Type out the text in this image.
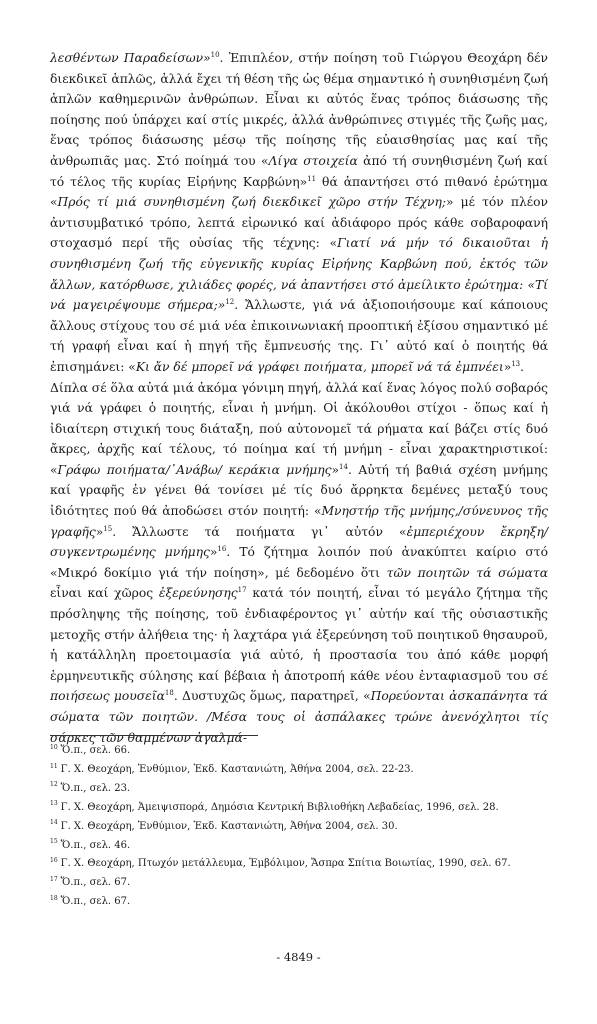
λεσθέντων Παραδείσων»$^{10}$. Ἐπιπλέον, στήν ποίηση τοῦ Γιώργου Θεοχάρη δέν διεκδικεῖ ἁπλῶς, ἀλλά ἔχει τή θέση τῆς ὡς θέμα σημαντικό ἡ συνηθισμένη ζωή ἁπλῶν καθημερινῶν ἀνθρώπων. Εἶναι κι αὐτός ἕνας τρόπος διάσωσης τῆς ποίησης πού ὑπάρχει καί στίς μικρές, ἀλλά ἀνθρώπινες στιγμές τῆς ζωῆς μας, ἕνας τρόπος διάσωσης μέσῳ τῆς ποίησης τῆς εὐαισθησίας μας καί τῆς ἀνθρωπιᾶς μας. Στό ποίημά του «Λίγα στοιχεία ἀπό τή συνηθισμένη ζωή καί τό τέλος τῆς κυρίας Εἰρήνης Καρβώνη»$^{11}$ θά ἀπαντήσει στό πιθανό ἐρώτημα «Πρός τί μιά συνηθισμένη ζωή διεκδικεῖ χῶρο στήν Τέχνη;» μέ τόν πλέον ἀντισυμβατικό τρόπο, λεπτά εἰρωνικό καί ἀδιάφορο πρός κάθε σοβαροφανή στοχασμό περί τῆς οὐσίας τῆς τέχνης: «Γιατί νά μήν τό δικαιοῦται ἡ συνηθισμένη ζωή τῆς εὐγενικῆς κυρίας Εἰρήνης Καρβώνη πού, ἐκτός τῶν ἄλλων, κατόρθωσε, χιλιάδες φορές, νά ἀπαντήσει στό ἀμείλικτο ἐρώτημα: «Τί νά μαγειρέψουμε σήμερα;»$^{12}$. Ἄλλωστε, γιά νά ἀξιοποιήσουμε καί κάποιους ἄλλους στίχους του σέ μιά νέα ἐπικοινωνιακή προοπτική ἐξίσου σημαντικό μέ τή γραφή εἶναι καί ἡ πηγή τῆς ἔμπνευσής της. Γι᾽ αὐτό καί ὁ ποιητής θά ἐπισημάνει: «Κι ἄν δέ μπορεῖ νά γράφει ποιήματα, μπορεῖ νά τά ἐμπνέει»$^{13}$.

Δίπλα σέ ὅλα αὐτά μιά ἀκόμα γόνιμη πηγή, ἀλλά καί ἕνας λόγος πολύ σοβαρός γιά νά γράφει ὁ ποιητής, εἶναι ἡ μνήμη. Οἱ ἀκόλουθοι στίχοι - ὅπως καί ἡ ἰδιαίτερη στιχική τους διάταξη, πού αὐτονομεῖ τά ρήματα καί βάζει στίς δυό ἄκρες, ἀρχῆς καί τέλους, τό ποίημα καί τή μνήμη - εἶναι χαρακτηριστικοί: «Γράφω ποιήματα/᾽Ανάβω/ κεράκια μνήμης»$^{14}$. Αὐτή τή βαθιά σχέση μνήμης καί γραφῆς ἐν γένει θά τονίσει μέ τίς δυό ἄρρηκτα δεμένες μεταξύ τους ἰδιότητες πού θά ἀποδώσει στόν ποιητή: «Μνηστήρ τῆς μνήμης,/σύνευνος τῆς γραφῆς»$^{15}$. Ἄλλωστε τά ποιήματα γι᾽ αὐτόν «ἐμπεριέχουν ἔκρηξη/συγκεντρωμένης μνήμης»$^{16}$. Τό ζήτημα λοιπόν πού ἀνακύπτει καίριο στό «Μικρό δοκίμιο γιά τήν ποίηση», μέ δεδομένο ὅτι τῶν ποιητῶν τά σώματα εἶναι καί χῶρος ἐξερεύνησης$^{17}$ κατά τόν ποιητή, εἶναι τό μεγάλο ζήτημα τῆς πρόσληψης τῆς ποίησης, τοῦ ἐνδιαφέροντος γι᾽ αὐτήν καί τῆς οὐσιαστικῆς μετοχῆς στήν ἀλήθεια της· ἡ λαχτάρα γιά ἐξερεύνηση τοῦ ποιητικοῦ θησαυροῦ, ἡ κατάλληλη προετοιμασία γιά αὐτό, ἡ προστασία του ἀπό κάθε μορφή ἑρμηνευτικῆς σύλησης καί βέβαια ἡ ἀποτροπή κάθε νέου ἐνταφιασμοῦ του σέ ποιήσεως μουσεῖα$^{18}$. Δυστυχῶς ὅμως, παρατηρεῖ, «Πορεύονται ἀσκαπάνητα τά σώματα τῶν ποιητῶν. /Μέσα τους οἱ ἀσπάλακες τρώνε ἀνενόχλητοι τίς σάρκες τῶν θαμμένων ἀγαλμά-

$^{10}$ Ὅ.π., σελ. 66.
$^{11}$ Γ. Χ. Θεοχάρη, Ἐνθύμιον, Ἐκδ. Καστανιώτη, Ἀθήνα 2004, σελ. 22-23.
$^{12}$ Ὅ.π., σελ. 23.
$^{13}$ Γ. Χ. Θεοχάρη, Ἀμειψισπορά, Δημόσια Κεντρική Βιβλιοθήκη Λεβαδείας, 1996, σελ. 28.
$^{14}$ Γ. Χ. Θεοχάρη, Ἐνθύμιον, Ἐκδ. Καστανιώτη, Ἀθήνα 2004, σελ. 30.
$^{15}$ Ὅ.π., σελ. 46.
$^{16}$ Γ. Χ. Θεοχάρη, Πτωχόν μετάλλευμα, Ἐμβόλιμον, Ἄσπρα Σπίτια Βοιωτίας, 1990, σελ. 67.
$^{17}$ Ὅ.π., σελ. 67.
$^{18}$ Ὅ.π., σελ. 67.
- 4849 -
